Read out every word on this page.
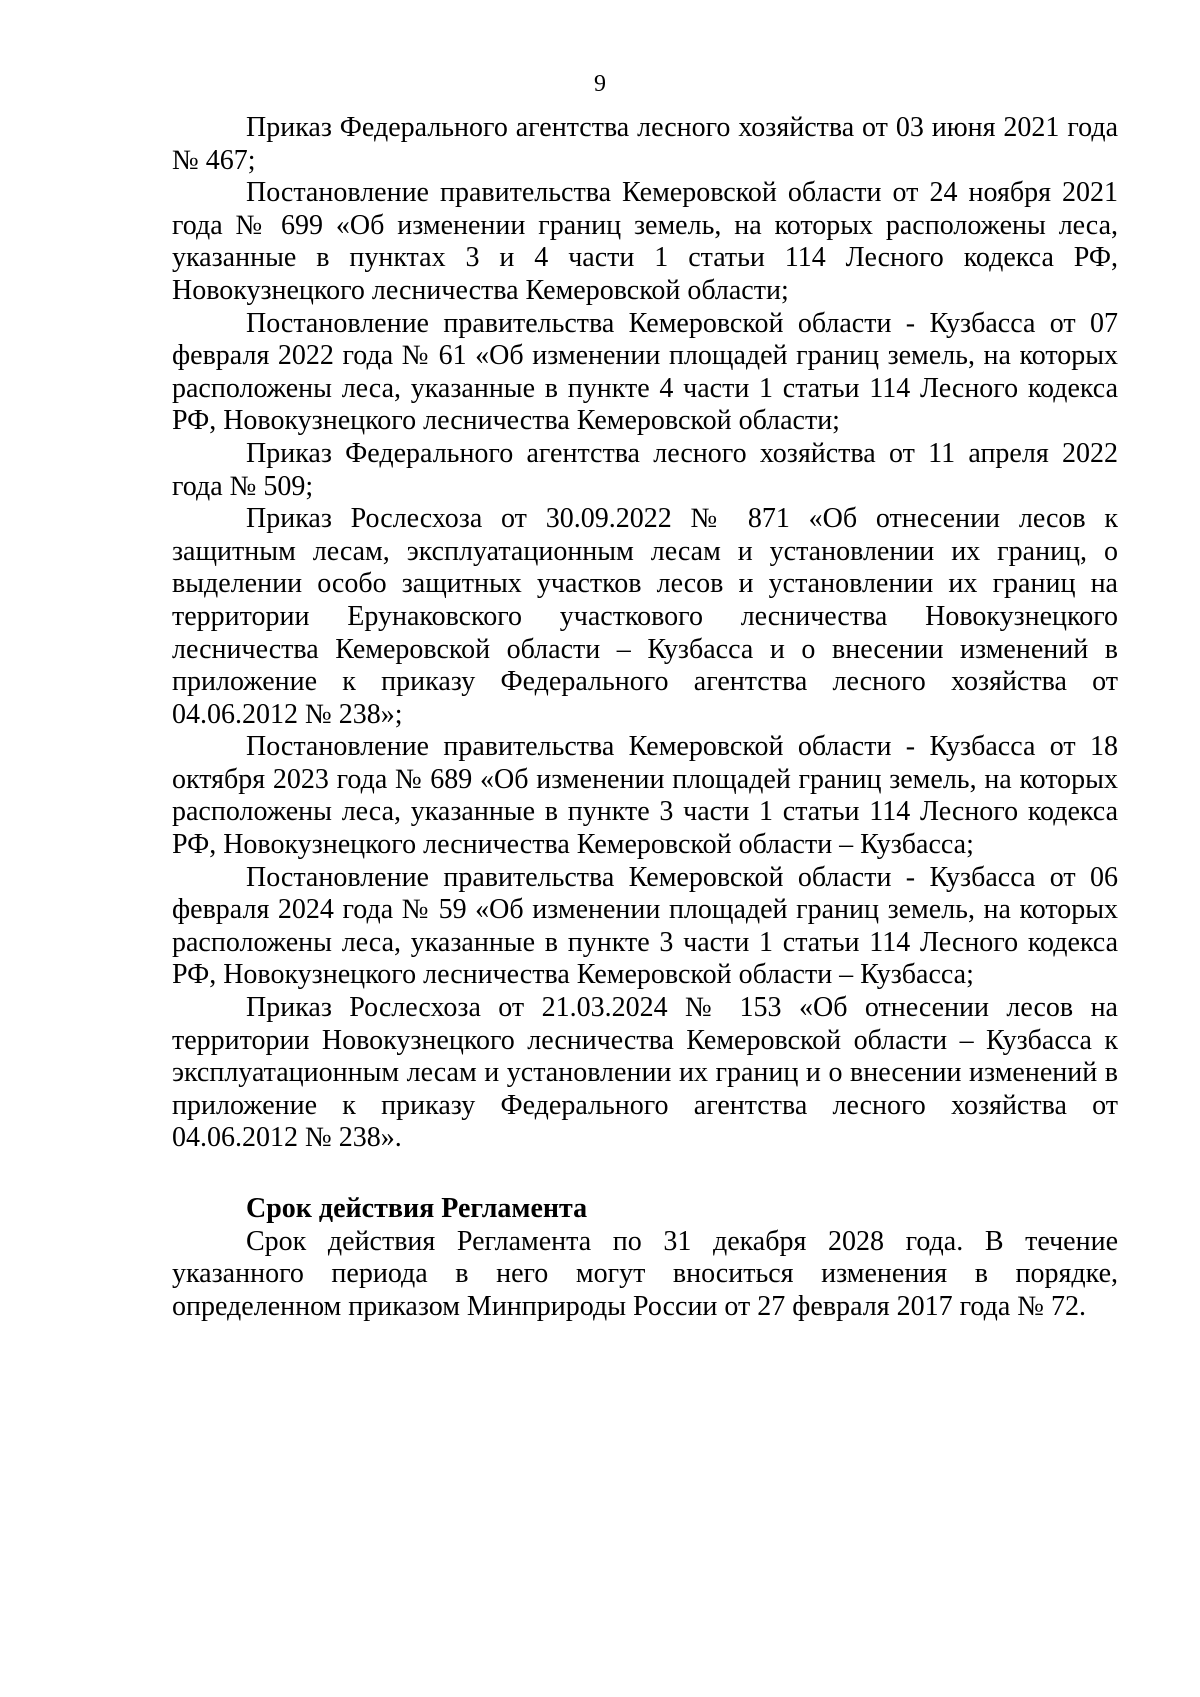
9

Приказ Федерального агентства лесного хозяйства от 03 июня 2021 года № 467;

Постановление правительства Кемеровской области от 24 ноября 2021 года № 699 «Об изменении границ земель, на которых расположены леса, указанные в пунктах 3 и 4 части 1 статьи 114 Лесного кодекса РФ, Новокузнецкого лесничества Кемеровской области;

Постановление правительства Кемеровской области - Кузбасса от 07 февраля 2022 года № 61 «Об изменении площадей границ земель, на которых расположены леса, указанные в пункте 4 части 1 статьи 114 Лесного кодекса РФ, Новокузнецкого лесничества Кемеровской области;

Приказ Федерального агентства лесного хозяйства от 11 апреля 2022 года № 509;

Приказ Рослесхоза от 30.09.2022 № 871 «Об отнесении лесов к защитным лесам, эксплуатационным лесам и установлении их границ, о выделении особо защитных участков лесов и установлении их границ на территории Ерунаковского участкового лесничества Новокузнецкого лесничества Кемеровской области – Кузбасса и о внесении изменений в приложение к приказу Федерального агентства лесного хозяйства от 04.06.2012 № 238»;

Постановление правительства Кемеровской области - Кузбасса от 18 октября 2023 года № 689 «Об изменении площадей границ земель, на которых расположены леса, указанные в пункте 3 части 1 статьи 114 Лесного кодекса РФ, Новокузнецкого лесничества Кемеровской области – Кузбасса;

Постановление правительства Кемеровской области - Кузбасса от 06 февраля 2024 года № 59 «Об изменении площадей границ земель, на которых расположены леса, указанные в пункте 3 части 1 статьи 114 Лесного кодекса РФ, Новокузнецкого лесничества Кемеровской области – Кузбасса;

Приказ Рослесхоза от 21.03.2024 № 153 «Об отнесении лесов на территории Новокузнецкого лесничества Кемеровской области – Кузбасса к эксплуатационным лесам и установлении их границ и о внесении изменений в приложение к приказу Федерального агентства лесного хозяйства от 04.06.2012 № 238».

Срок действия Регламента

Срок действия Регламента по 31 декабря 2028 года. В течение указанного периода в него могут вноситься изменения в порядке, определенном приказом Минприроды России от 27 февраля 2017 года № 72.
